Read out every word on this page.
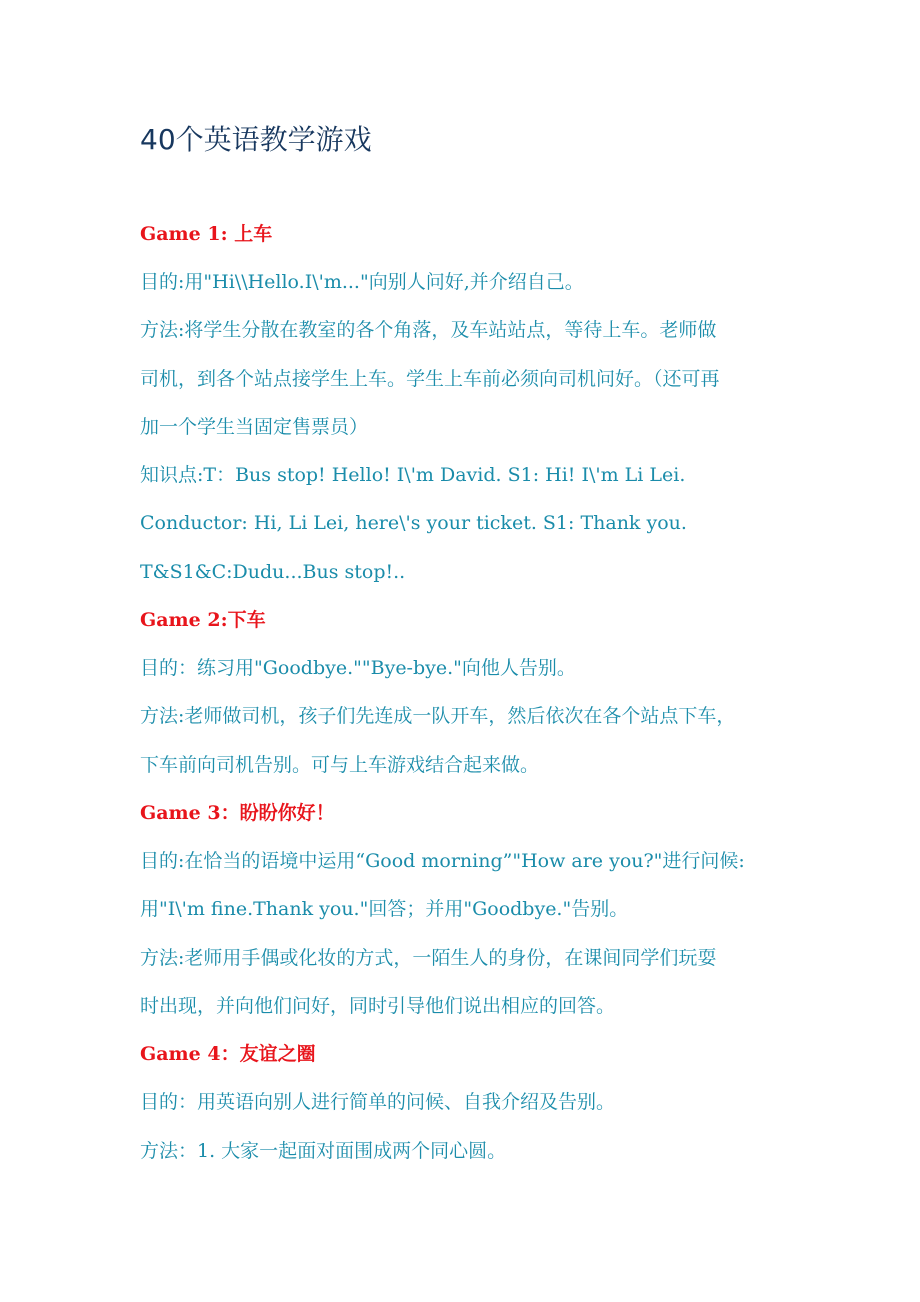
40个英语教学游戏
Game 1: 上车
目的:用"Hi\\Hello.I\'m..."向别人问好,并介绍自己。
方法:将学生分散在教室的各个角落，及车站站点，等待上车。老师做
司机，到各个站点接学生上车。学生上车前必须向司机问好。（还可再
加一个学生当固定售票员）
知识点:T：Bus stop! Hello! I\'m David. S1: Hi! I\'m Li Lei.
Conductor: Hi, Li Lei, here\'s your ticket. S1: Thank you.
T&S1&C:Dudu...Bus stop!..
Game 2:下车
目的：练习用"Goodbye.""Bye-bye."向他人告别。
方法:老师做司机，孩子们先连成一队开车，然后依次在各个站点下车，
下车前向司机告别。可与上车游戏结合起来做。
Game 3：盼盼你好！
目的:在恰当的语境中运用“Good morning”"How are you?"进行问候:
用"I\'m fine.Thank you."回答；并用"Goodbye."告别。
方法:老师用手偶或化妆的方式，一陌生人的身份，在课间同学们玩耍
时出现，并向他们问好，同时引导他们说出相应的回答。
Game 4：友谊之圈
目的：用英语向别人进行简单的问候、自我介绍及告别。
方法：1. 大家一起面对面围成两个同心圆。
